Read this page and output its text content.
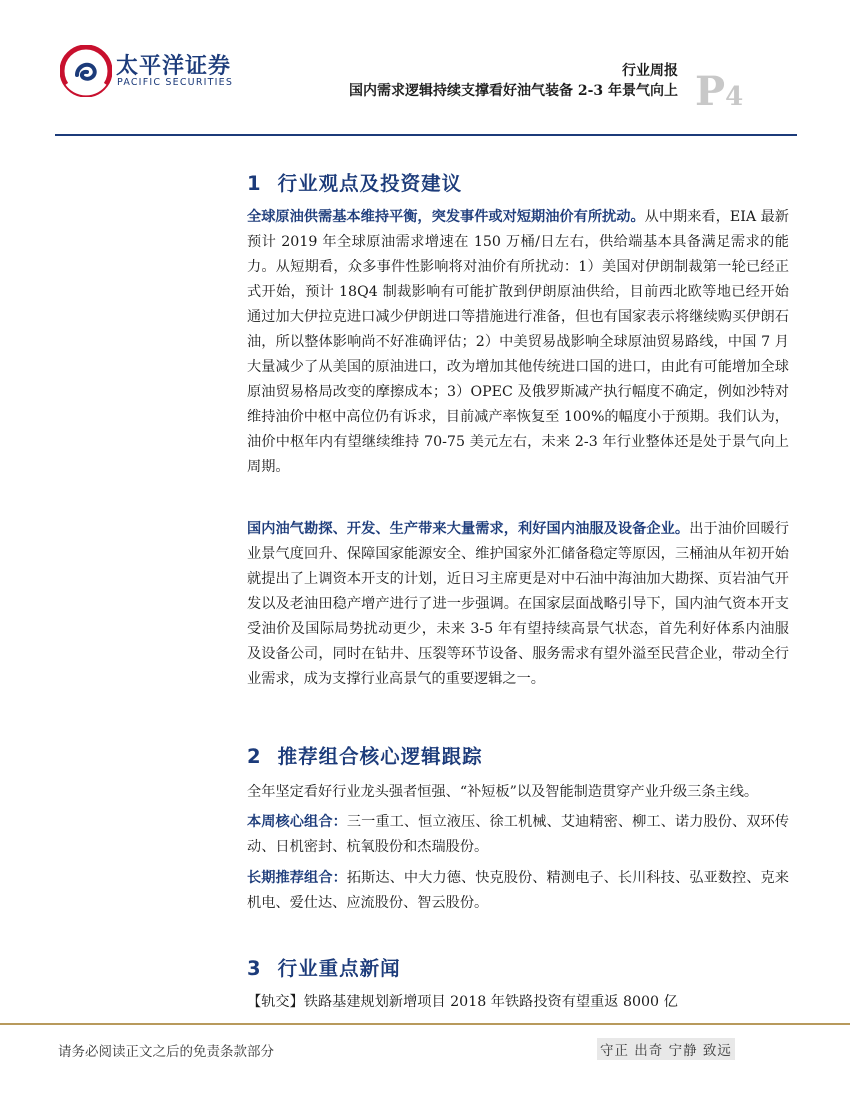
太平洋证券
PACIFIC SECURITIES
行业周报
国内需求逻辑持续支撑看好油气装备 2-3 年景气向上 P4
1 行业观点及投资建议

全球原油供需基本维持平衡，突发事件或对短期油价有所扰动。从中期来看，EIA 最新预计 2019 年全球原油需求增速在 150 万桶/日左右，供给端基本具备满足需求的能力。从短期看，众多事件性影响将对油价有所扰动：1）美国对伊朗制裁第一轮已经正式开始，预计 18Q4 制裁影响有可能扩散到伊朗原油供给，目前西北欧等地已经开始通过加大伊拉克进口减少伊朗进口等措施进行准备，但也有国家表示将继续购买伊朗石油，所以整体影响尚不好准确评估；2）中美贸易战影响全球原油贸易路线，中国 7 月大量减少了从美国的原油进口，改为增加其他传统进口国的进口，由此有可能增加全球原油贸易格局改变的摩擦成本；3）OPEC 及俄罗斯减产执行幅度不确定，例如沙特对维持油价中枢中高位仍有诉求，目前减产率恢复至 100%的幅度小于预期。我们认为，油价中枢年内有望继续维持 70-75 美元左右，未来 2-3 年行业整体还是处于景气向上周期。

国内油气勘探、开发、生产带来大量需求，利好国内油服及设备企业。出于油价回暖行业景气度回升、保障国家能源安全、维护国家外汇储备稳定等原因，三桶油从年初开始就提出了上调资本开支的计划，近日习主席更是对中石油中海油加大勘探、页岩油气开发以及老油田稳产增产进行了进一步强调。在国家层面战略引导下，国内油气资本开支受油价及国际局势扰动更少，未来 3-5 年有望持续高景气状态，首先利好体系内油服及设备公司，同时在钻井、压裂等环节设备、服务需求有望外溢至民营企业，带动全行业需求，成为支撑行业高景气的重要逻辑之一。

2 推荐组合核心逻辑跟踪

全年坚定看好行业龙头强者恒强、“补短板”以及智能制造贯穿产业升级三条主线。

本周核心组合：三一重工、恒立液压、徐工机械、艾迪精密、柳工、诺力股份、双环传动、日机密封、杭氧股份和杰瑞股份。

长期推荐组合：拓斯达、中大力德、快克股份、精测电子、长川科技、弘亚数控、克来机电、爱仕达、应流股份、智云股份。

3 行业重点新闻

【轨交】铁路基建规划新增项目 2018 年铁路投资有望重返 8000 亿

请务必阅读正文之后的免责条款部分	守正 出奇 宁静 致远
